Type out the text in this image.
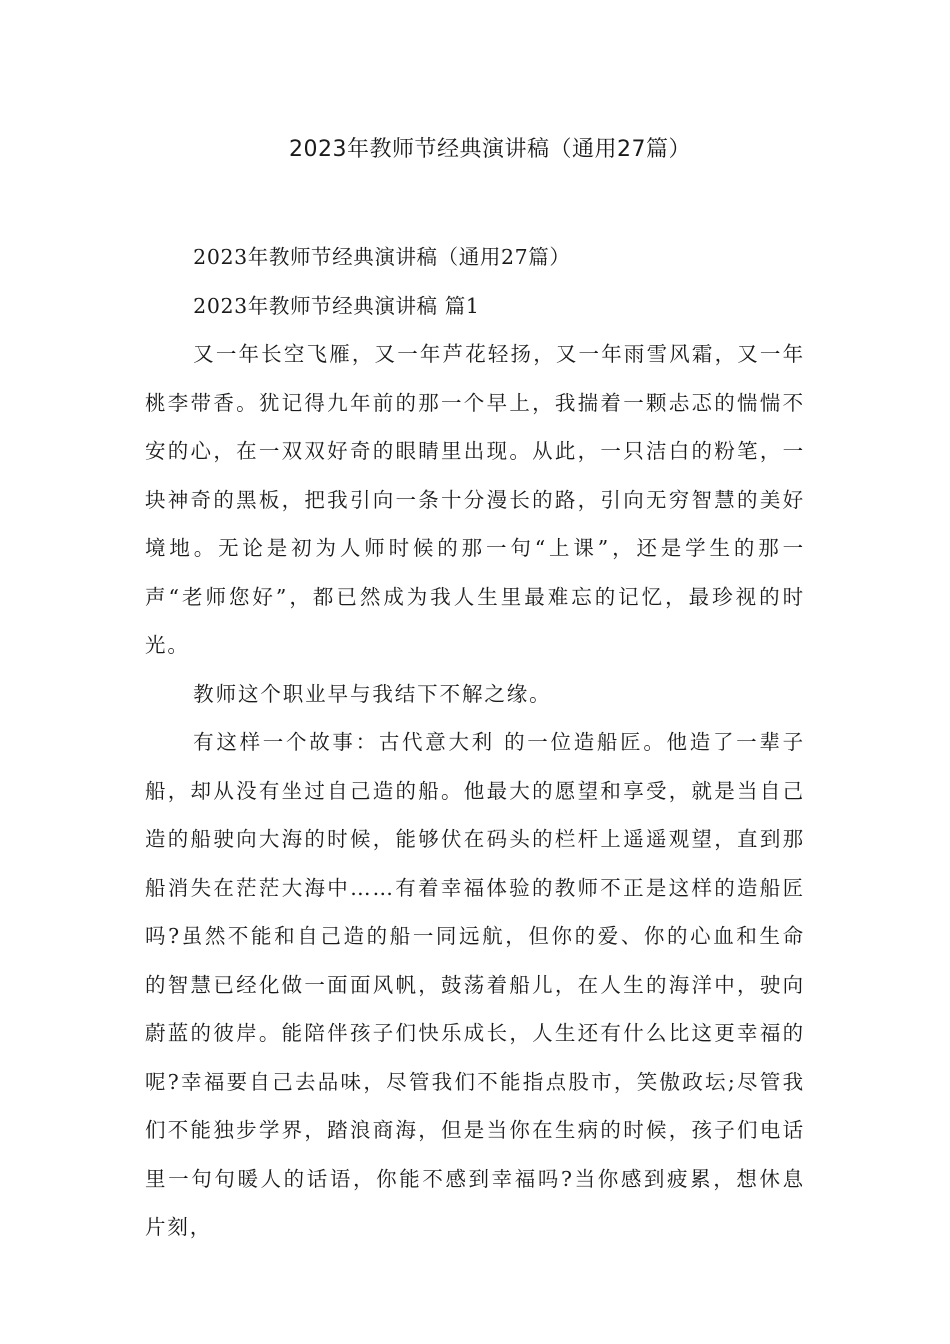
2023年教师节经典演讲稿（通用27篇）

2023年教师节经典演讲稿（通用27篇）

2023年教师节经典演讲稿 篇1

又一年长空飞雁，又一年芦花轻扬，又一年雨雪风霜，又一年桃李带香。犹记得九年前的那一个早上，我揣着一颗忐忑的惴惴不安的心，在一双双好奇的眼睛里出现。从此，一只洁白的粉笔，一块神奇的黑板，把我引向一条十分漫长的路，引向无穷智慧的美好境地。无论是初为人师时候的那一句“上课”，还是学生的那一声“老师您好”，都已然成为我人生里最难忘的记忆，最珍视的时光。

教师这个职业早与我结下不解之缘。

有这样一个故事：古代意大利 的一位造船匠。他造了一辈子船，却从没有坐过自己造的船。他最大的愿望和享受，就是当自己造的船驶向大海的时候，能够伏在码头的栏杆上遥遥观望，直到那船消失在茫茫大海中……有着幸福体验的教师不正是这样的造船匠吗?虽然不能和自己造的船一同远航，但你的爱、你的心血和生命的智慧已经化做一面面风帆，鼓荡着船儿，在人生的海洋中，驶向蔚蓝的彼岸。能陪伴孩子们快乐成长，人生还有什么比这更幸福的呢?幸福要自己去品味，尽管我们不能指点股市，笑傲政坛;尽管我们不能独步学界，踏浪商海，但是当你在生病的时候，孩子们电话里一句句暖人的话语，你能不感到幸福吗?当你感到疲累，想休息片刻，
